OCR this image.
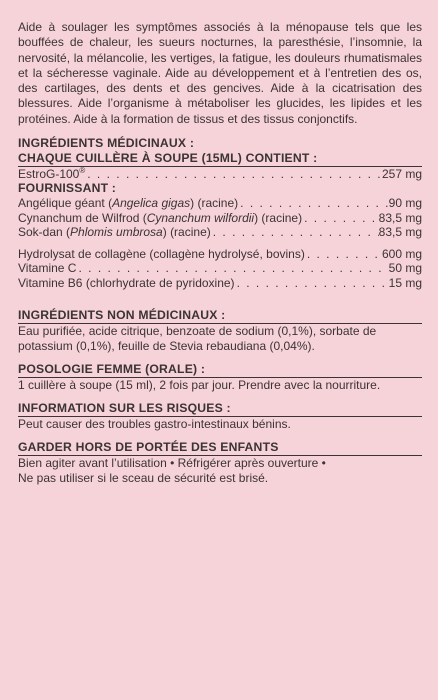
Aide à soulager les symptômes associés à la ménopause tels que les bouffées de chaleur, les sueurs nocturnes, la paresthésie, l’insomnie, la nervosité, la mélancolie, les vertiges, la fatigue, les douleurs rhumatismales et la sécheresse vaginale. Aide au développement et à l’entretien des os, des cartilages, des dents et des gencives. Aide à la cicatrisation des blessures. Aide l’organisme à métaboliser les glucides, les lipides et les protéines. Aide à la formation de tissus et des tissus conjonctifs.

INGRÉDIENTS MÉDICINAUX :

CHAQUE CUILLÈRE À SOUPE (15ML) CONTIENT :

EstroG-100® . . .	257 mg

FOURNISSANT :

Angélique géant (Angelica gigas) (racine) . . .	90 mg
Cynanchum de Wilfrod (Cynanchum wilfordii) (racine) . . .	83,5 mg
Sok-dan (Phlomis umbrosa) (racine) . . .	83,5 mg
Hydrolysat de collagène (collagène hydrolysé, bovins) . . .	600 mg
Vitamine C . . .	50 mg
Vitamine B6 (chlorhydrate de pyridoxine) . . .	15 mg

INGRÉDIENTS NON MÉDICINAUX :

Eau purifiée, acide citrique, benzoate de sodium (0,1%), sorbate de potassium (0,1%), feuille de Stevia rebaudiana (0,04%).

POSOLOGIE FEMME (ORALE) :

1 cuillère à soupe (15 ml), 2 fois par jour. Prendre avec la nourriture.

INFORMATION SUR LES RISQUES :

Peut causer des troubles gastro-intestinaux bénins.

GARDER HORS DE PORTÉE DES ENFANTS

Bien agiter avant l’utilisation • Réfrigérer après ouverture •

Ne pas utiliser si le sceau de sécurité est brisé.
